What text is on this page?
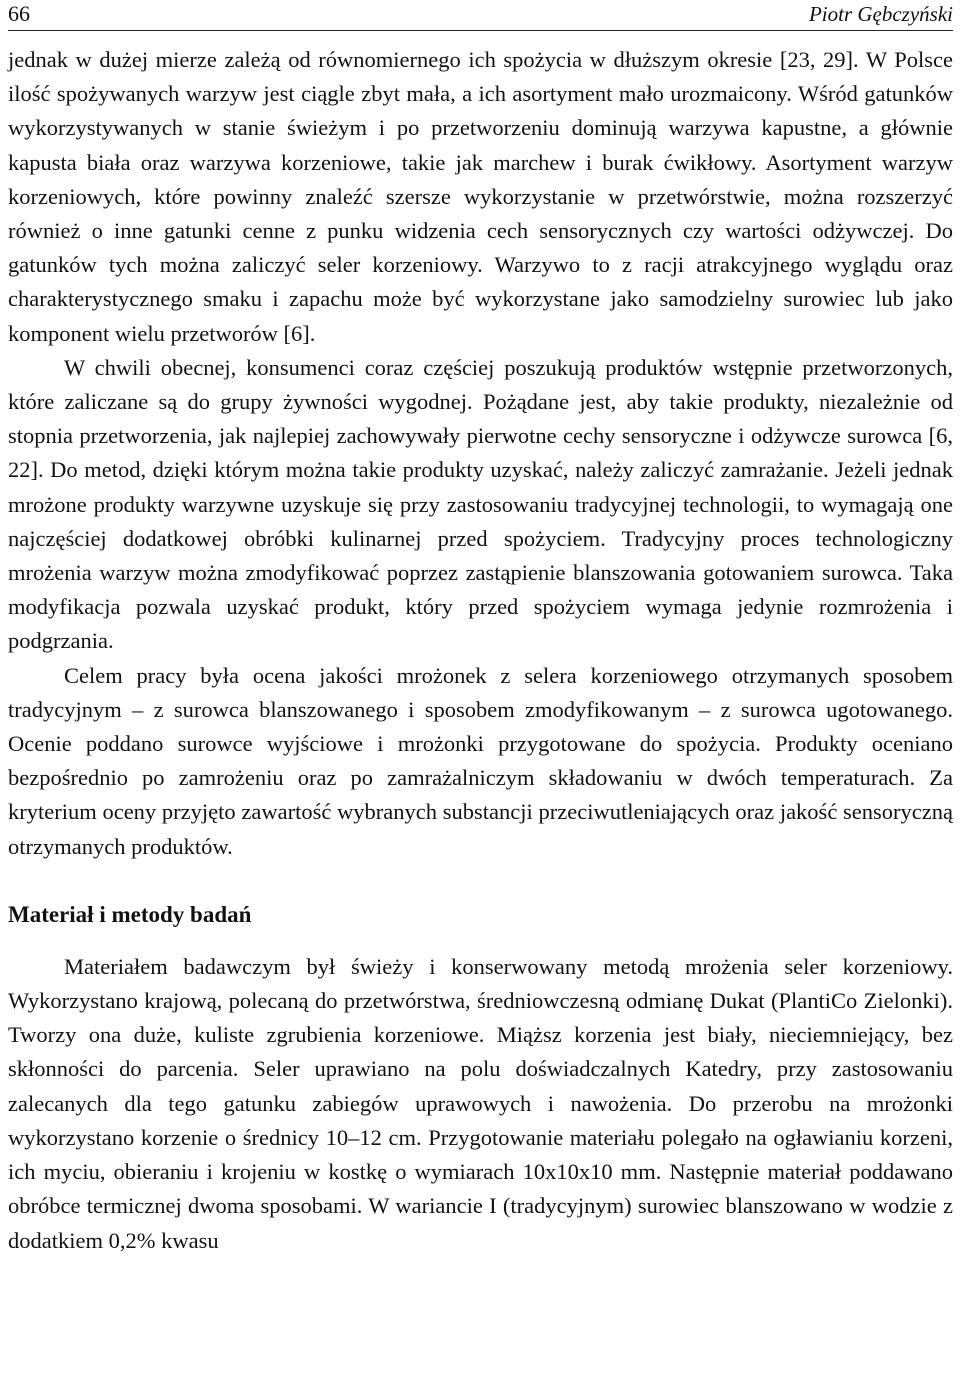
66	Piotr Gębczyński

jednak w dużej mierze zależą od równomiernego ich spożycia w dłuższym okresie [23, 29]. W Polsce ilość spożywanych warzyw jest ciągle zbyt mała, a ich asortyment mało urozmaicony. Wśród gatunków wykorzystywanych w stanie świeżym i po przetworzeniu dominują warzywa kapustne, a głównie kapusta biała oraz warzywa korzeniowe, takie jak marchew i burak ćwikłowy. Asortyment warzyw korzeniowych, które powinny znaleźć szersze wykorzystanie w przetwórstwie, można rozszerzyć również o inne gatunki cenne z punku widzenia cech sensorycznych czy wartości odżywczej. Do gatunków tych można zaliczyć seler korzeniowy. Warzywo to z racji atrakcyjnego wyglądu oraz charakterystycznego smaku i zapachu może być wykorzystane jako samodzielny surowiec lub jako komponent wielu przetworów [6].

W chwili obecnej, konsumenci coraz częściej poszukują produktów wstępnie przetworzonych, które zaliczane są do grupy żywności wygodnej. Pożądane jest, aby takie produkty, niezależnie od stopnia przetworzenia, jak najlepiej zachowywały pierwotne cechy sensoryczne i odżywcze surowca [6, 22]. Do metod, dzięki którym można takie produkty uzyskać, należy zaliczyć zamrażanie. Jeżeli jednak mrożone produkty warzywne uzyskuje się przy zastosowaniu tradycyjnej technologii, to wymagają one najczęściej dodatkowej obróbki kulinarnej przed spożyciem. Tradycyjny proces technologiczny mrożenia warzyw można zmodyfikować poprzez zastąpienie blanszowania gotowaniem surowca. Taka modyfikacja pozwala uzyskać produkt, który przed spożyciem wymaga jedynie rozmrożenia i podgrzania.

Celem pracy była ocena jakości mrożonek z selera korzeniowego otrzymanych sposobem tradycyjnym – z surowca blanszowanego i sposobem zmodyfikowanym – z surowca ugotowanego. Ocenie poddano surowce wyjściowe i mrożonki przygotowane do spożycia. Produkty oceniano bezpośrednio po zamrożeniu oraz po zamrażalniczym składowaniu w dwóch temperaturach. Za kryterium oceny przyjęto zawartość wybranych substancji przeciwutleniających oraz jakość sensoryczną otrzymanych produktów.

Materiał i metody badań

Materiałem badawczym był świeży i konserwowany metodą mrożenia seler korzeniowy. Wykorzystano krajową, polecaną do przetwórstwa, średniowczesną odmianę Dukat (PlantiCo Zielonki). Tworzy ona duże, kuliste zgrubienia korzeniowe. Miąższ korzenia jest biały, nieciemniejący, bez skłonności do parcenia. Seler uprawiano na polu doświadczalnych Katedry, przy zastosowaniu zalecanych dla tego gatunku zabiegów uprawowych i nawożenia. Do przerobu na mrożonki wykorzystano korzenie o średnicy 10–12 cm. Przygotowanie materiału polegało na ogławianiu korzeni, ich myciu, obieraniu i krojeniu w kostkę o wymiarach 10x10x10 mm. Następnie materiał poddawano obróbce termicznej dwoma sposobami. W wariancie I (tradycyjnym) surowiec blanszowano w wodzie z dodatkiem 0,2% kwasu
